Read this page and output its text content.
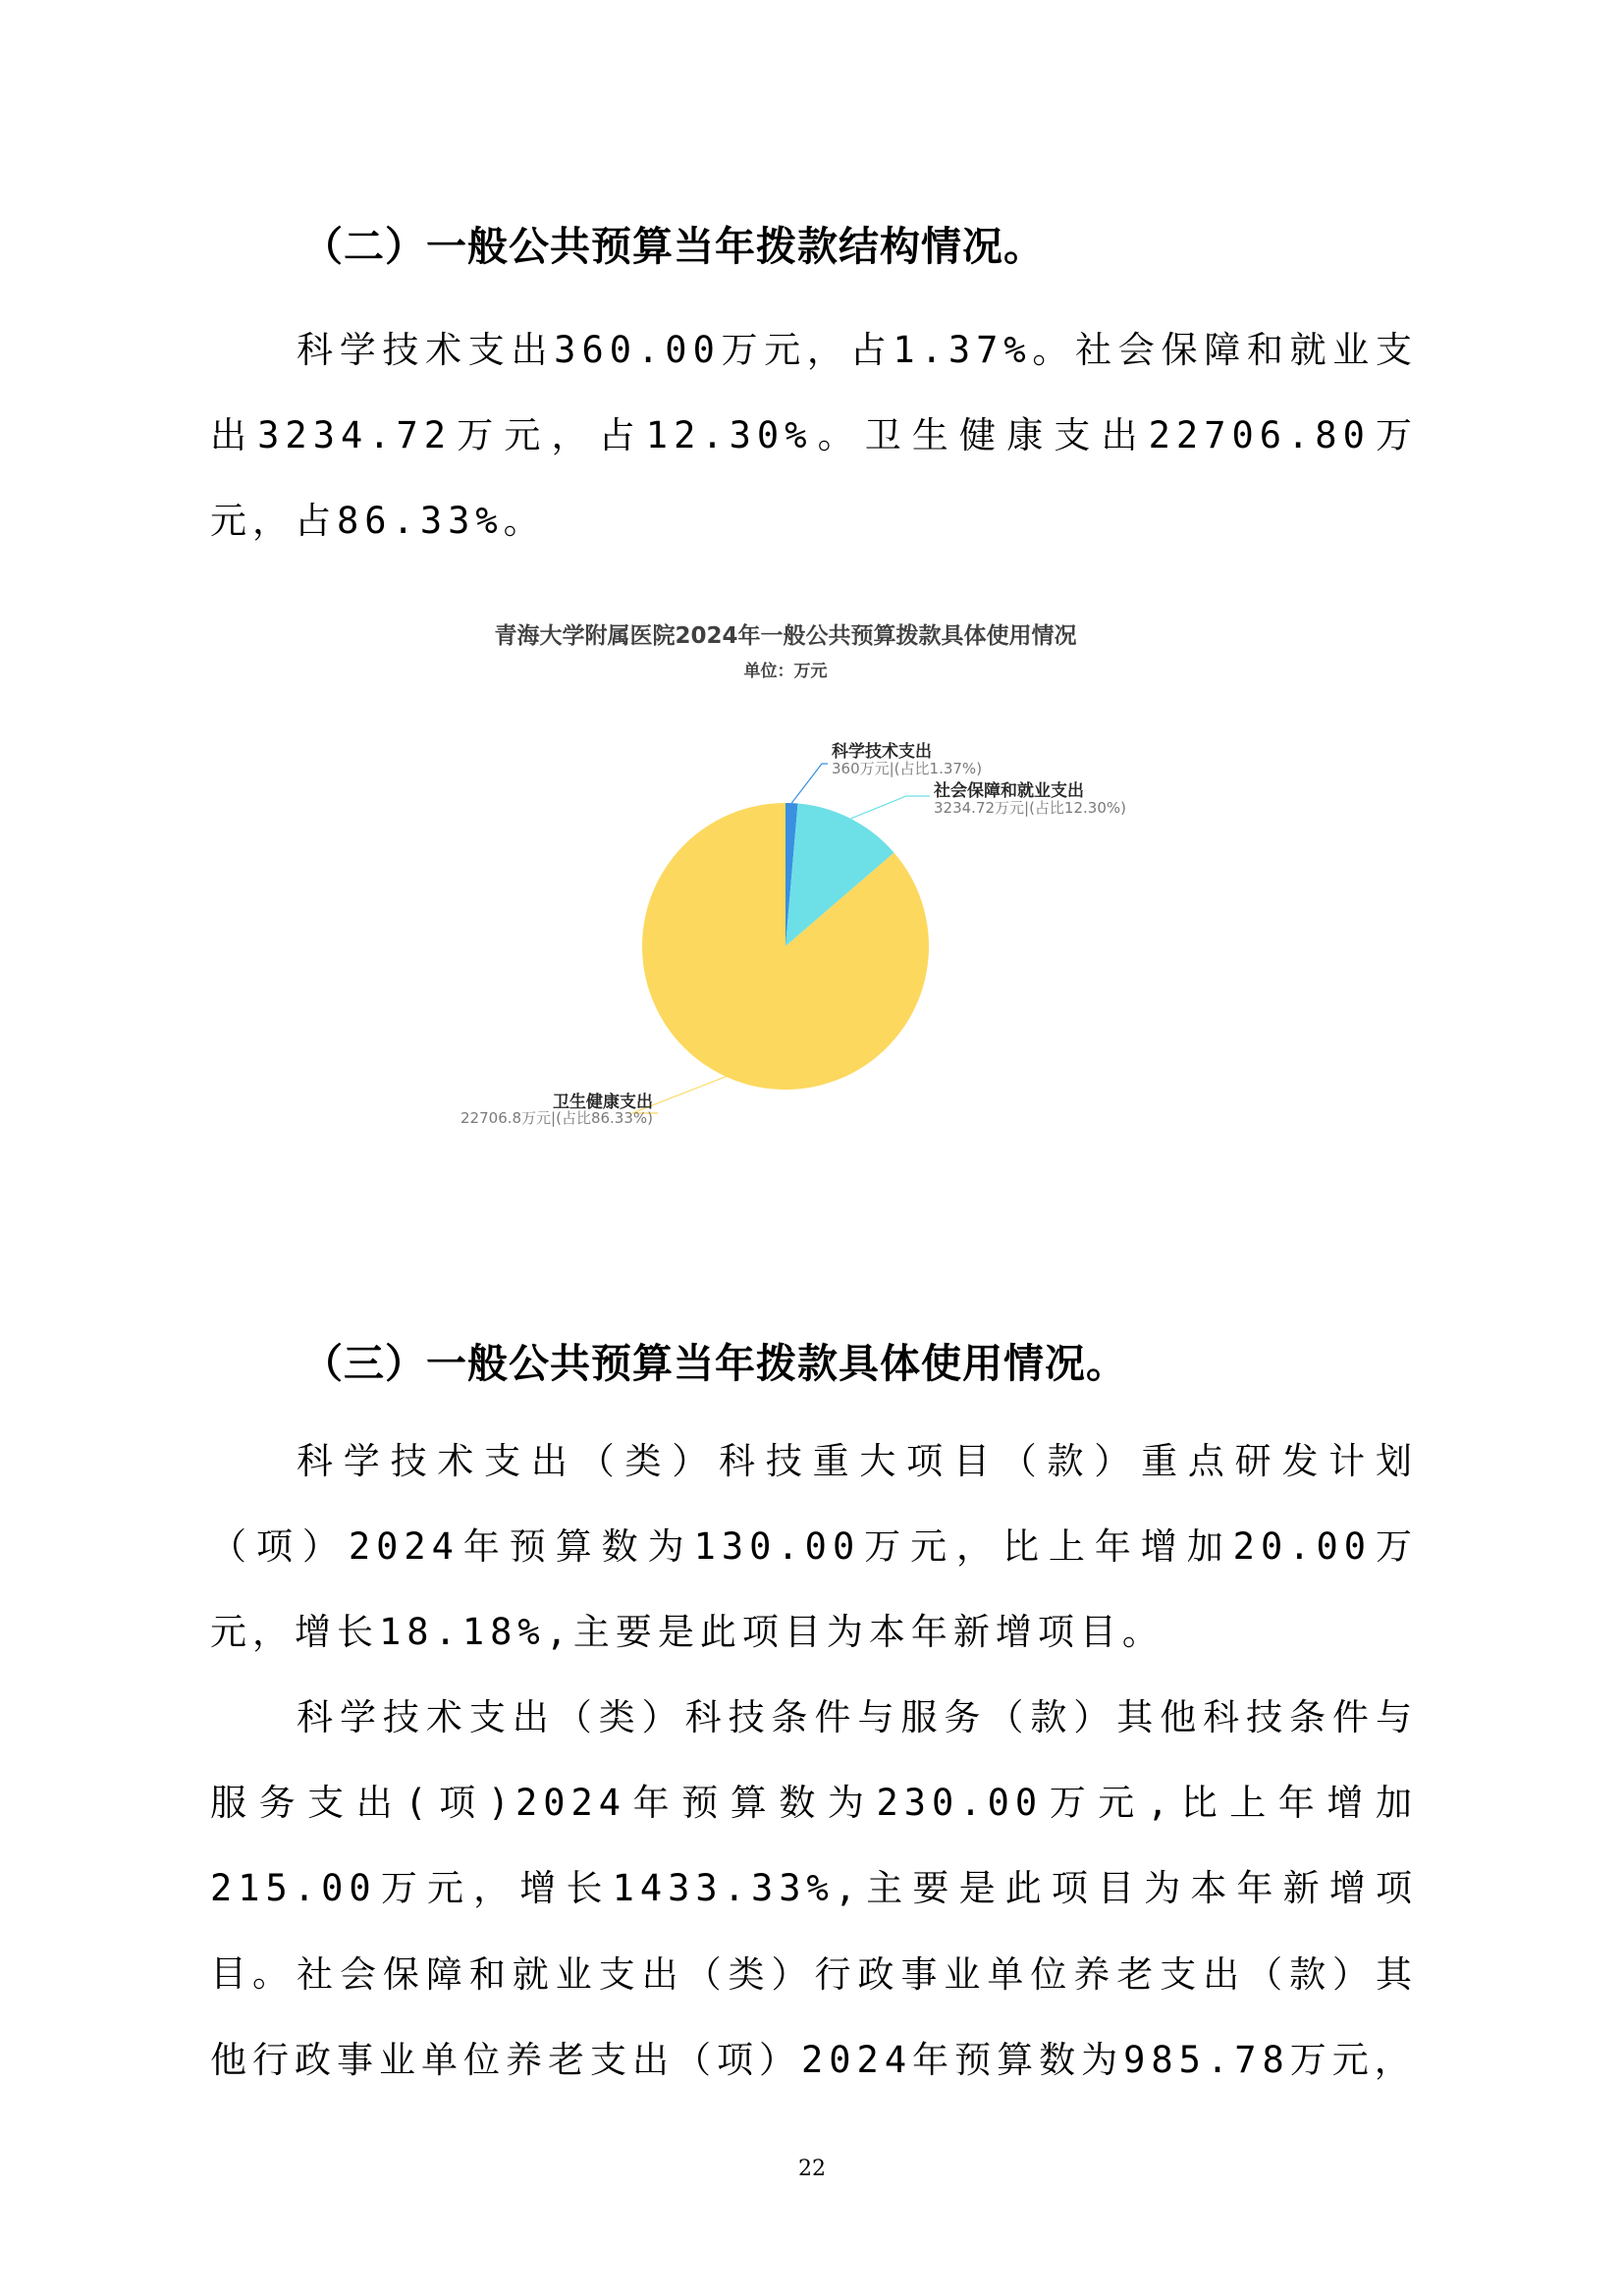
（二）一般公共预算当年拨款结构情况。

科学技术支出360.00万元，占1.37%。社会保障和就业支出3234.72万元，占12.30%。卫生健康支出22706.80万元，占86.33%。

青海大学附属医院2024年一般公共预算拨款具体使用情况
单位：万元
科学技术支出
360万元|(占比1.37%)
社会保障和就业支出
3234.72万元|(占比12.30%)
卫生健康支出
22706.8万元|(占比86.33%)
（三）一般公共预算当年拨款具体使用情况。

科学技术支出（类）科技重大项目（款）重点研发计划（项）2024年预算数为130.00万元，比上年增加20.00万元，增长18.18%,主要是此项目为本年新增项目。

科学技术支出（类）科技条件与服务（款）其他科技条件与服务支出(项)2024年预算数为230.00万元,比上年增加215.00万元，增长1433.33%,主要是此项目为本年新增项目。 社会保障和就业支出（类）行政事业单位养老支出（款）其他行政事业单位养老支出（项）2024年预算数为985.78万元，

22
